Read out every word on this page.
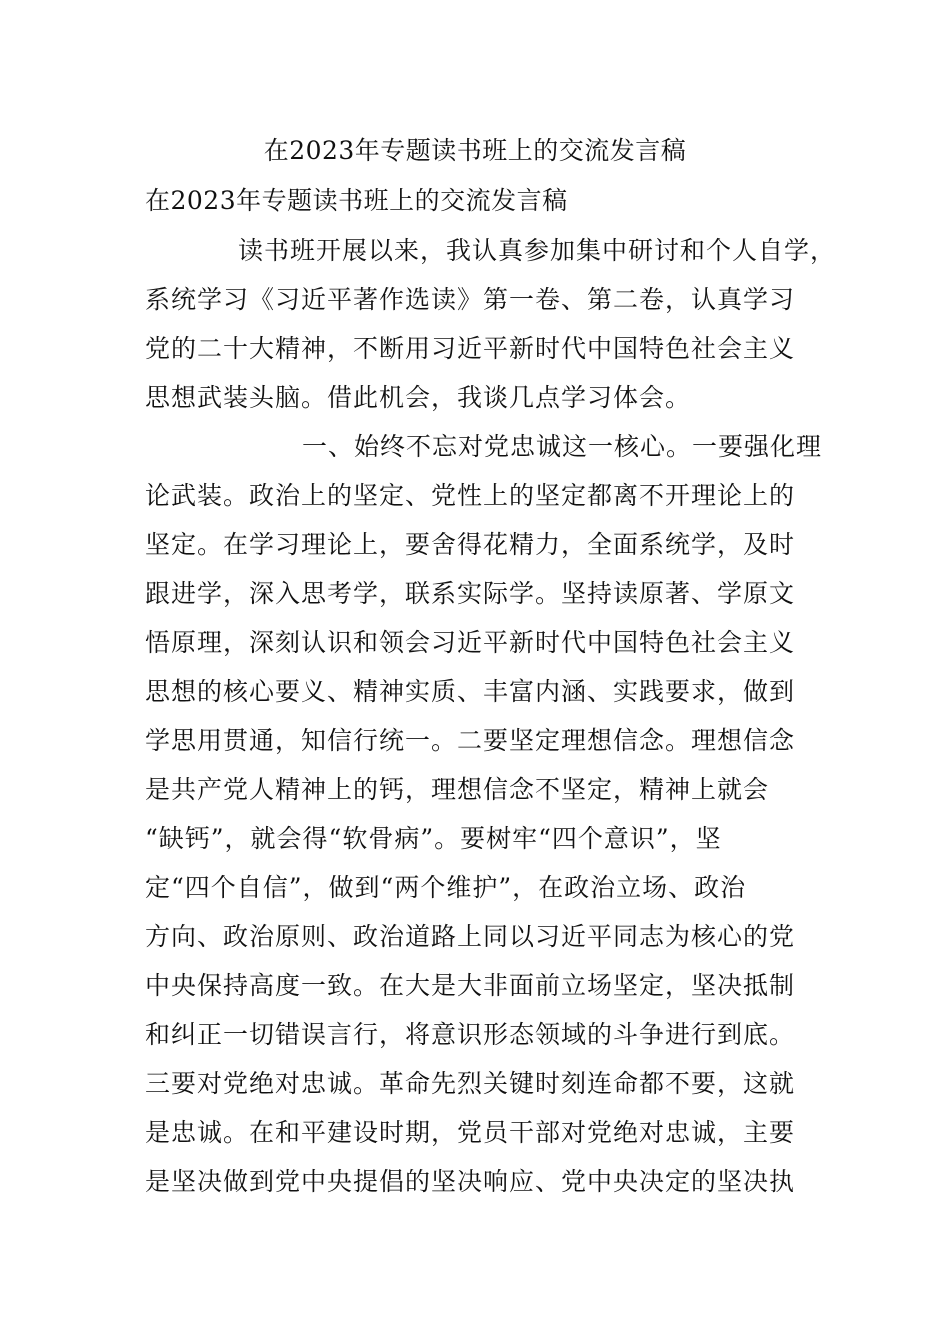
在2023年专题读书班上的交流发言稿
在2023年专题读书班上的交流发言稿
读书班开展以来，我认真参加集中研讨和个人自学，
系统学习《习近平著作选读》第一卷、第二卷，认真学习
党的二十大精神，不断用习近平新时代中国特色社会主义
思想武装头脑。借此机会，我谈几点学习体会。
一、始终不忘对党忠诚这一核心。一要强化理
论武装。政治上的坚定、党性上的坚定都离不开理论上的
坚定。在学习理论上，要舍得花精力，全面系统学，及时
跟进学，深入思考学，联系实际学。坚持读原著、学原文
悟原理，深刻认识和领会习近平新时代中国特色社会主义
思想的核心要义、精神实质、丰富内涵、实践要求，做到
学思用贯通，知信行统一。二要坚定理想信念。理想信念
是共产党人精神上的钙，理想信念不坚定，精神上就会
“缺钙”，就会得“软骨病”。要树牢“四个意识”，坚
定“四个自信”，做到“两个维护”，在政治立场、政治
方向、政治原则、政治道路上同以习近平同志为核心的党
中央保持高度一致。在大是大非面前立场坚定，坚决抵制
和纠正一切错误言行，将意识形态领域的斗争进行到底。
三要对党绝对忠诚。革命先烈关键时刻连命都不要，这就
是忠诚。在和平建设时期，党员干部对党绝对忠诚，主要
是坚决做到党中央提倡的坚决响应、党中央决定的坚决执
